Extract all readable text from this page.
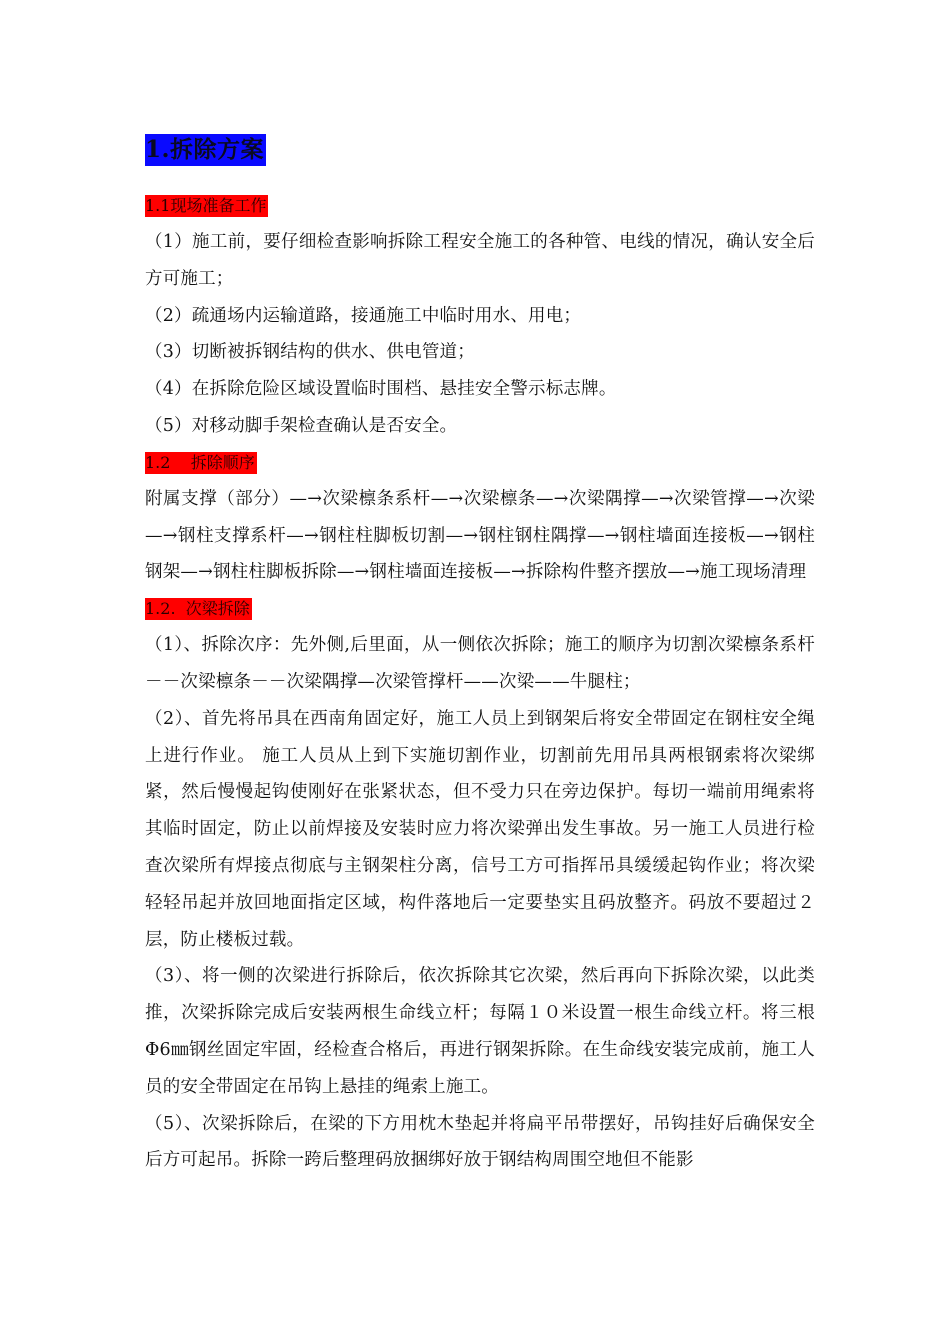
1.拆除方案
1.1现场准备工作

（1）施工前，要仔细检查影响拆除工程安全施工的各种管、电线的情况，确认安全后方可施工；

（2）疏通场内运输道路，接通施工中临时用水、用电；

（3）切断被拆钢结构的供水、供电管道；

（4）在拆除危险区域设置临时围档、悬挂安全警示标志牌。

（5）对移动脚手架检查确认是否安全。

1.2    拆除顺序

附属支撑（部分）—→次梁檩条系杆—→次梁檩条—→次梁隅撑—→次梁管撑—→次梁—→钢柱支撑系杆—→钢柱柱脚板切割—→钢柱钢柱隅撑—→钢柱墙面连接板—→钢柱钢架—→钢柱柱脚板拆除—→钢柱墙面连接板—→拆除构件整齐摆放—→施工现场清理

1.2.  次梁拆除

（1）、拆除次序：先外侧,后里面，从一侧依次拆除；施工的顺序为切割次梁檩条系杆－－次梁檩条－－次梁隅撑—次梁管撑杆——次梁——牛腿柱；

（2）、首先将吊具在西南角固定好，施工人员上到钢架后将安全带固定在钢柱安全绳上进行作业。 施工人员从上到下实施切割作业，切割前先用吊具两根钢索将次梁绑紧，然后慢慢起钩使刚好在张紧状态，但不受力只在旁边保护。每切一端前用绳索将其临时固定，防止以前焊接及安装时应力将次梁弹出发生事故。另一施工人员进行检查次梁所有焊接点彻底与主钢架柱分离，信号工方可指挥吊具缓缓起钩作业；将次梁轻轻吊起并放回地面指定区域，构件落地后一定要垫实且码放整齐。码放不要超过２层，防止楼板过载。

（3）、将一侧的次梁进行拆除后，依次拆除其它次梁，然后再向下拆除次梁，以此类推，次梁拆除完成后安装两根生命线立杆；每隔１０米设置一根生命线立杆。将三根Φ6㎜钢丝固定牢固，经检查合格后，再进行钢架拆除。在生命线安装完成前，施工人员的安全带固定在吊钩上悬挂的绳索上施工。

（5）、次梁拆除后，在梁的下方用枕木垫起并将扁平吊带摆好，吊钩挂好后确保安全后方可起吊。拆除一跨后整理码放捆绑好放于钢结构周围空地但不能影
